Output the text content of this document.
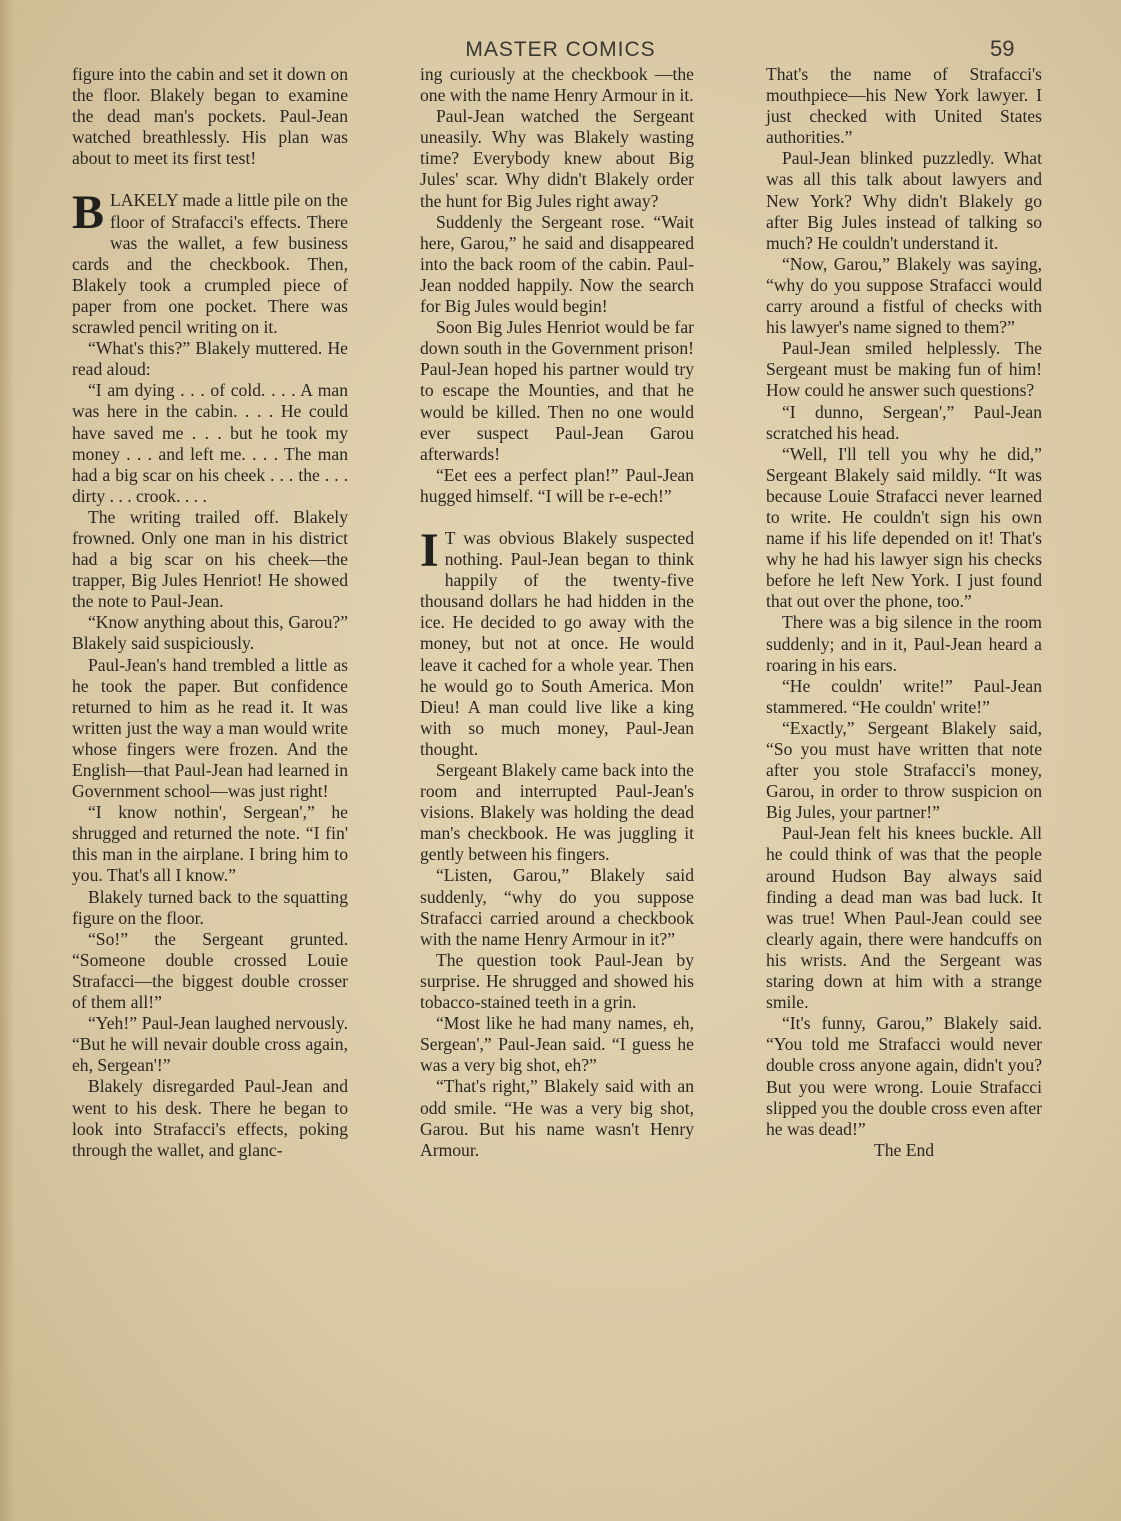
MASTER COMICS	59

figure into the cabin and set it down on the floor. Blakely began to examine the dead man's pockets. Paul-Jean watched breathlessly. His plan was about to meet its first test!

BLAKELY made a little pile on the floor of Strafacci's effects. There was the wallet, a few business cards and the checkbook. Then, Blakely took a crumpled piece of paper from one pocket. There was scrawled pencil writing on it.

“What's this?” Blakely muttered. He read aloud:

“I am dying . . . of cold. . . . A man was here in the cabin. . . . He could have saved me . . . but he took my money . . . and left me. . . . The man had a big scar on his cheek . . . the . . . dirty . . . crook. . . .

The writing trailed off. Blakely frowned. Only one man in his district had a big scar on his cheek—the trapper, Big Jules Henriot! He showed the note to Paul-Jean.

“Know anything about this, Garou?” Blakely said suspiciously.

Paul-Jean's hand trembled a little as he took the paper. But confidence returned to him as he read it. It was written just the way a man would write whose fingers were frozen. And the English—that Paul-Jean had learned in Government school—was just right!

“I know nothin', Sergean',” he shrugged and returned the note. “I fin' this man in the airplane. I bring him to you. That's all I know.”

Blakely turned back to the squatting figure on the floor.

“So!” the Sergeant grunted. “Someone double crossed Louie Strafacci—the biggest double crosser of them all!”

“Yeh!” Paul-Jean laughed nervously. “But he will nevair double cross again, eh, Sergean'!”

Blakely disregarded Paul-Jean and went to his desk. There he began to look into Strafacci's effects, poking through the wallet, and glanc-

ing curiously at the checkbook —the one with the name Henry Armour in it.

Paul-Jean watched the Sergeant uneasily. Why was Blakely wasting time? Everybody knew about Big Jules' scar. Why didn't Blakely order the hunt for Big Jules right away?

Suddenly the Sergeant rose. “Wait here, Garou,” he said and disappeared into the back room of the cabin. Paul-Jean nodded happily. Now the search for Big Jules would begin!

Soon Big Jules Henriot would be far down south in the Government prison! Paul-Jean hoped his partner would try to escape the Mounties, and that he would be killed. Then no one would ever suspect Paul-Jean Garou afterwards!

“Eet ees a perfect plan!” Paul-Jean hugged himself. “I will be r-e-ech!”

I T was obvious Blakely suspected nothing. Paul-Jean began to think happily of the twenty-five thousand dollars he had hidden in the ice. He decided to go away with the money, but not at once. He would leave it cached for a whole year. Then he would go to South America. Mon Dieu! A man could live like a king with so much money, Paul-Jean thought.

Sergeant Blakely came back into the room and interrupted Paul-Jean's visions. Blakely was holding the dead man's checkbook. He was juggling it gently between his fingers.

“Listen, Garou,” Blakely said suddenly, “why do you suppose Strafacci carried around a checkbook with the name Henry Armour in it?”

The question took Paul-Jean by surprise. He shrugged and showed his tobacco-stained teeth in a grin.

“Most like he had many names, eh, Sergean',” Paul-Jean said. “I guess he was a very big shot, eh?”

“That's right,” Blakely said with an odd smile. “He was a very big shot, Garou. But his name wasn't Henry Armour.

That's the name of Strafacci's mouthpiece—his New York lawyer. I just checked with United States authorities.”

Paul-Jean blinked puzzledly. What was all this talk about lawyers and New York? Why didn't Blakely go after Big Jules instead of talking so much? He couldn't understand it.

“Now, Garou,” Blakely was saying, “why do you suppose Strafacci would carry around a fistful of checks with his lawyer's name signed to them?”

Paul-Jean smiled helplessly. The Sergeant must be making fun of him! How could he answer such questions?

“I dunno, Sergean',” Paul-Jean scratched his head.

“Well, I'll tell you why he did,” Sergeant Blakely said mildly. “It was because Louie Strafacci never learned to write. He couldn't sign his own name if his life depended on it! That's why he had his lawyer sign his checks before he left New York. I just found that out over the phone, too.”

There was a big silence in the room suddenly; and in it, Paul-Jean heard a roaring in his ears.

“He couldn' write!” Paul-Jean stammered. “He couldn' write!”

“Exactly,” Sergeant Blakely said, “So you must have written that note after you stole Strafacci's money, Garou, in order to throw suspicion on Big Jules, your partner!”

Paul-Jean felt his knees buckle. All he could think of was that the people around Hudson Bay always said finding a dead man was bad luck. It was true! When Paul-Jean could see clearly again, there were handcuffs on his wrists. And the Sergeant was staring down at him with a strange smile.

“It's funny, Garou,” Blakely said. “You told me Strafacci would never double cross anyone again, didn't you? But you were wrong. Louie Strafacci slipped you the double cross even after he was dead!”

The End
